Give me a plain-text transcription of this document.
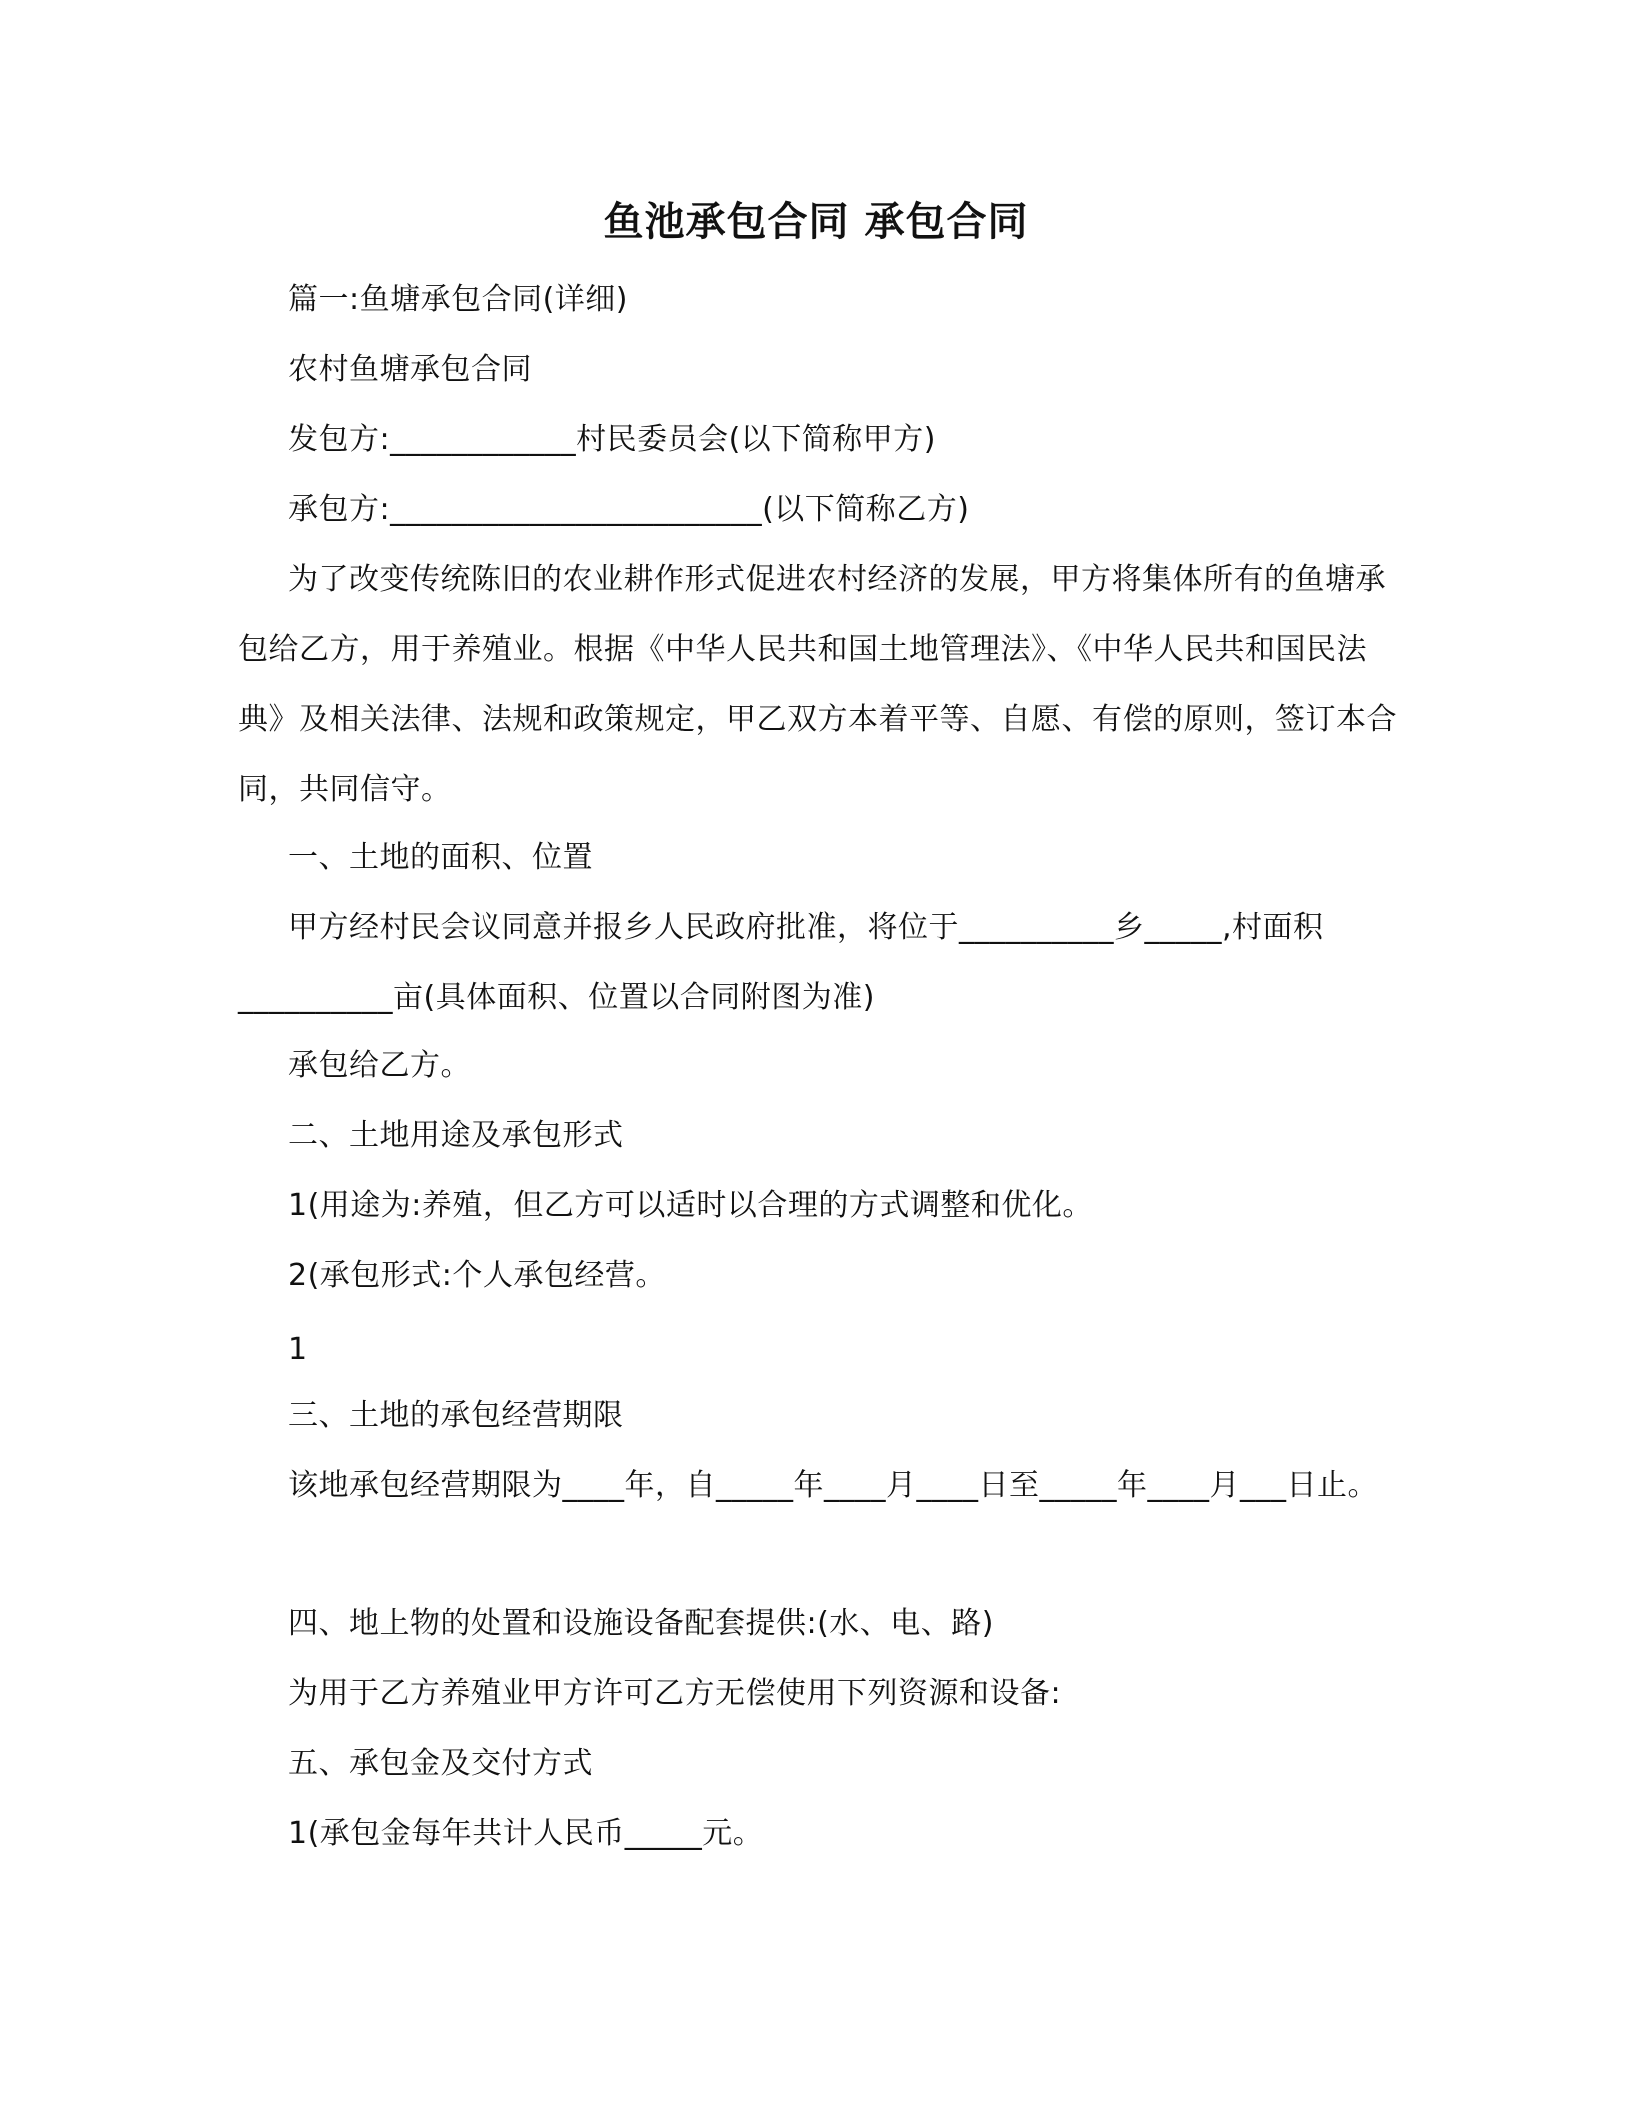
鱼池承包合同 承包合同
篇一:鱼塘承包合同(详细)
农村鱼塘承包合同
发包方:____________村民委员会(以下简称甲方)
承包方:________________________(以下简称乙方)
为了改变传统陈旧的农业耕作形式促进农村经济的发展，甲方将集体所有的鱼塘承包给乙方，用于养殖业。根据《中华人民共和国土地管理法》、《中华人民共和国民法典》及相关法律、法规和政策规定，甲乙双方本着平等、自愿、有偿的原则，签订本合同，共同信守。
一、土地的面积、位置
甲方经村民会议同意并报乡人民政府批准，将位于__________乡_____,村面积__________亩(具体面积、位置以合同附图为准)
承包给乙方。
二、土地用途及承包形式
1(用途为:养殖，但乙方可以适时以合理的方式调整和优化。
2(承包形式:个人承包经营。
1
三、土地的承包经营期限
该地承包经营期限为____年，自_____年____月____日至_____年____月___日止。
四、地上物的处置和设施设备配套提供:(水、电、路)
为用于乙方养殖业甲方许可乙方无偿使用下列资源和设备:
五、承包金及交付方式
1(承包金每年共计人民币_____元。
